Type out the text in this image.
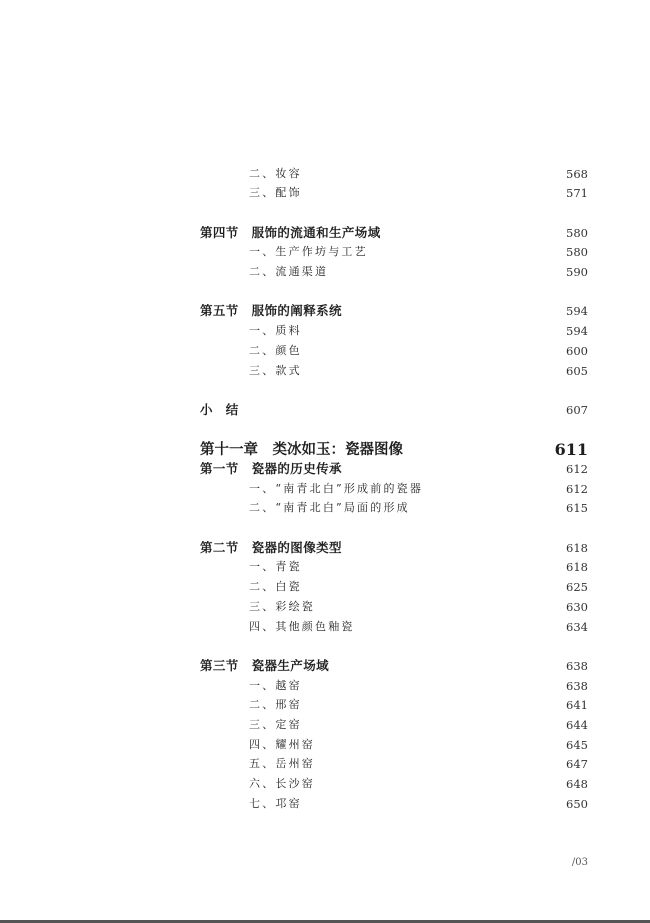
二、妆容	568
三、配饰	571
第四节　服饰的流通和生产场域	580
一、生产作坊与工艺	580
二、流通渠道	590
第五节　服饰的阐释系统	594
一、质料	594
二、颜色	600
三、款式	605
小　结	607
第十一章　类冰如玉：瓷器图像	611
第一节　瓷器的历史传承	612
一、“南青北白”形成前的瓷器	612
二、“南青北白”局面的形成	615
第二节　瓷器的图像类型	618
一、青瓷	618
二、白瓷	625
三、彩绘瓷	630
四、其他颜色釉瓷	634
第三节　瓷器生产场域	638
一、越窑	638
二、邢窑	641
三、定窑	644
四、耀州窑	645
五、岳州窑	647
六、长沙窑	648
七、邛窑	650
/03
